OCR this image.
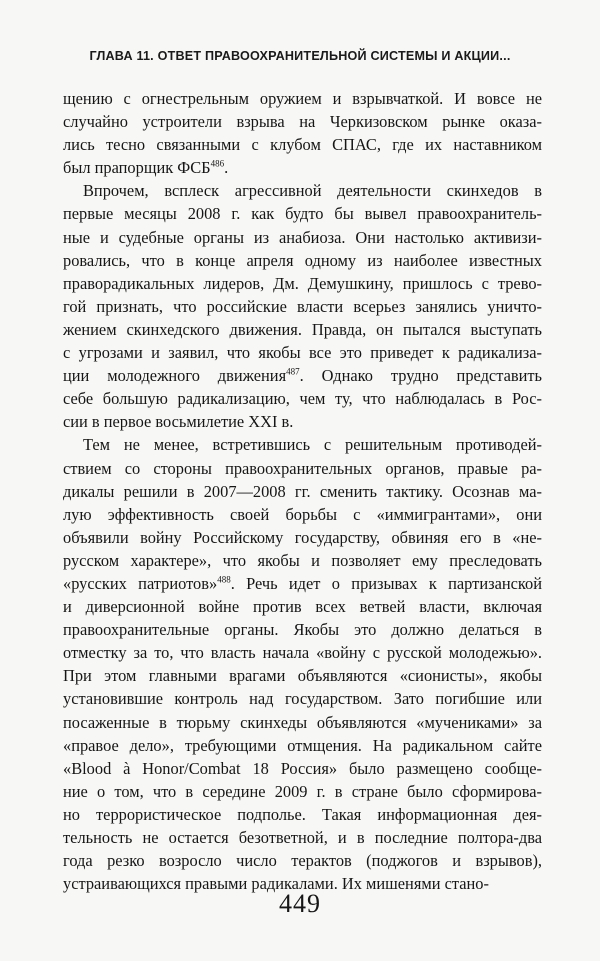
ГЛАВА 11. ОТВЕТ ПРАВООХРАНИТЕЛЬНОЙ СИСТЕМЫ И АКЦИИ...
щению с огнестрельным оружием и взрывчаткой. И вовсе не
случайно устроители взрыва на Черкизовском рынке оказа-
лись тесно связанными с клубом СПАС, где их наставником
был прапорщик ФСБ$^{486}$.
Впрочем, всплеск агрессивной деятельности скинхедов в
первые месяцы 2008 г. как будто бы вывел правоохранитель-
ные и судебные органы из анабиоза. Они настолько активизи-
ровались, что в конце апреля одному из наиболее известных
праворадикальных лидеров, Дм. Демушкину, пришлось с трево-
гой признать, что российские власти всерьез занялись уничто-
жением скинхедского движения. Правда, он пытался выступать
с угрозами и заявил, что якобы все это приведет к радикализа-
ции молодежного движения$^{487}$. Однако трудно представить
себе большую радикализацию, чем ту, что наблюдалась в Рос-
сии в первое восьмилетие XXI в.
Тем не менее, встретившись с решительным противодей-
ствием со стороны правоохранительных органов, правые ра-
дикалы решили в 2007—2008 гг. сменить тактику. Осознав ма-
лую эффективность своей борьбы с «иммигрантами», они
объявили войну Российскому государству, обвиняя его в «не-
русском характере», что якобы и позволяет ему преследовать
«русских патриотов»$^{488}$. Речь идет о призывах к партизанской
и диверсионной войне против всех ветвей власти, включая
правоохранительные органы. Якобы это должно делаться в
отместку за то, что власть начала «войну с русской молодежью».
При этом главными врагами объявляются «сионисты», якобы
установившие контроль над государством. Зато погибшие или
посаженные в тюрьму скинхеды объявляются «мучениками» за
«правое дело», требующими отмщения. На радикальном сайте
«Blood à Honor/Combat 18 Россия» было размещено сообще-
ние о том, что в середине 2009 г. в стране было сформирова-
но террористическое подполье. Такая информационная дея-
тельность не остается безответной, и в последние полтора-два
года резко возросло число терактов (поджогов и взрывов),
устраивающихся правыми радикалами. Их мишенями стано-
449
